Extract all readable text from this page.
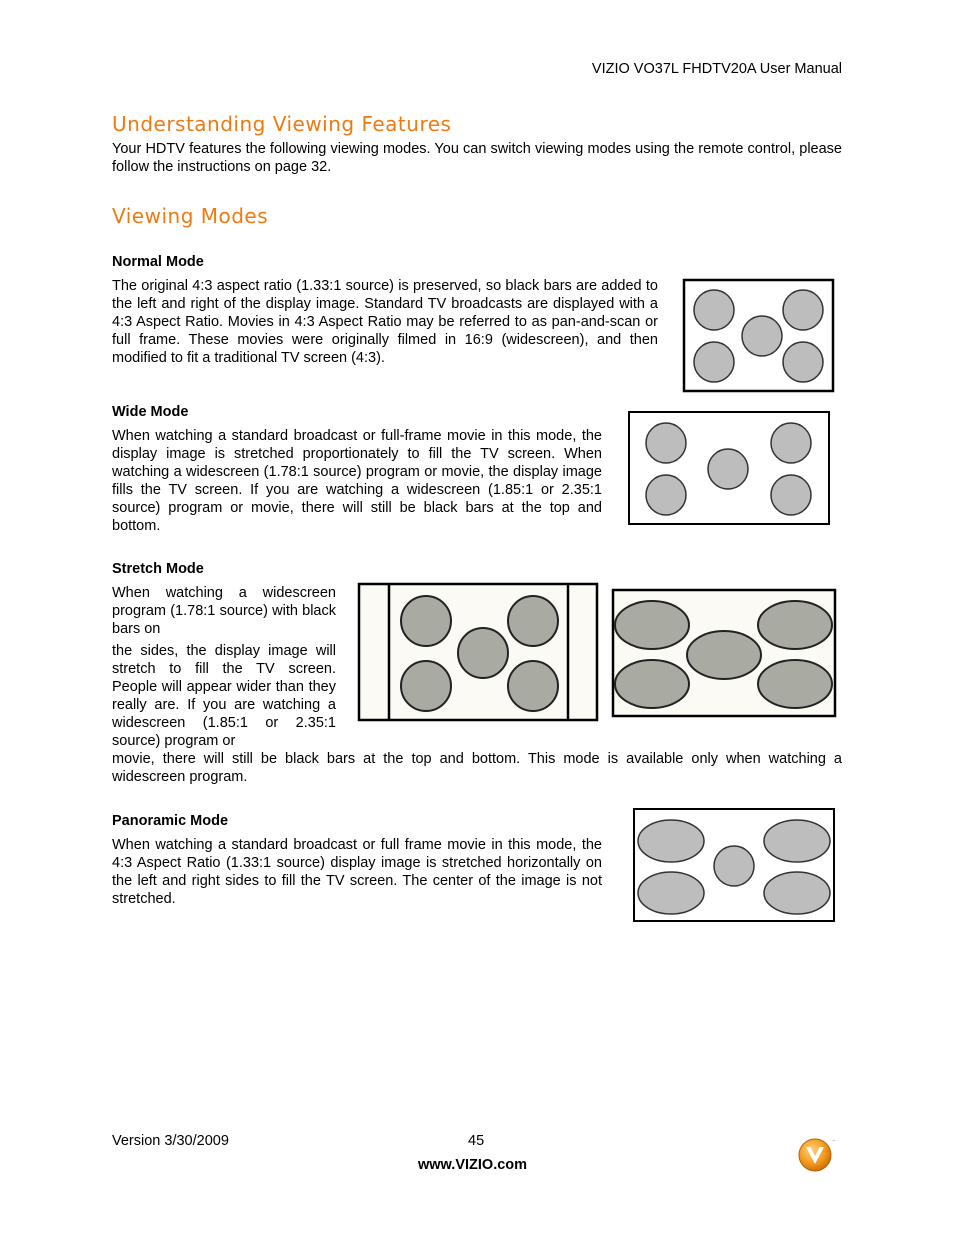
VIZIO VO37L FHDTV20A User Manual
Understanding Viewing Features

Your HDTV features the following viewing modes. You can switch viewing modes using the remote control, please follow the instructions on page 32.

Viewing Modes

Normal Mode

The original 4:3 aspect ratio (1.33:1 source) is preserved, so black bars are added to the left and right of the display image. Standard TV broadcasts are displayed with a 4:3 Aspect Ratio. Movies in 4:3 Aspect Ratio may be referred to as pan-and-scan or full frame. These movies were originally filmed in 16:9 (widescreen), and then modified to fit a traditional TV screen (4:3).

Wide Mode

When watching a standard broadcast or full-frame movie in this mode, the display image is stretched proportionately to fill the TV screen. When watching a widescreen (1.78:1 source) program or movie, the display image fills the TV screen. If you are watching a widescreen (1.85:1 or 2.35:1 source) program or movie, there will still be black bars at the top and bottom.

Stretch Mode

When watching a widescreen program (1.78:1 source) with black bars on

the sides, the display image will stretch to fill the TV screen. People will appear wider than they really are. If you are watching a widescreen (1.85:1 or 2.35:1 source) program or

movie, there will still be black bars at the top and bottom. This mode is available only when watching a widescreen program.

Panoramic Mode

When watching a standard broadcast or full frame movie in this mode, the 4:3 Aspect Ratio (1.33:1 source) display image is stretched horizontally on the left and right sides to fill the TV screen. The center of the image is not stretched.

Version 3/30/2009	45
www.VIZIO.com
™
